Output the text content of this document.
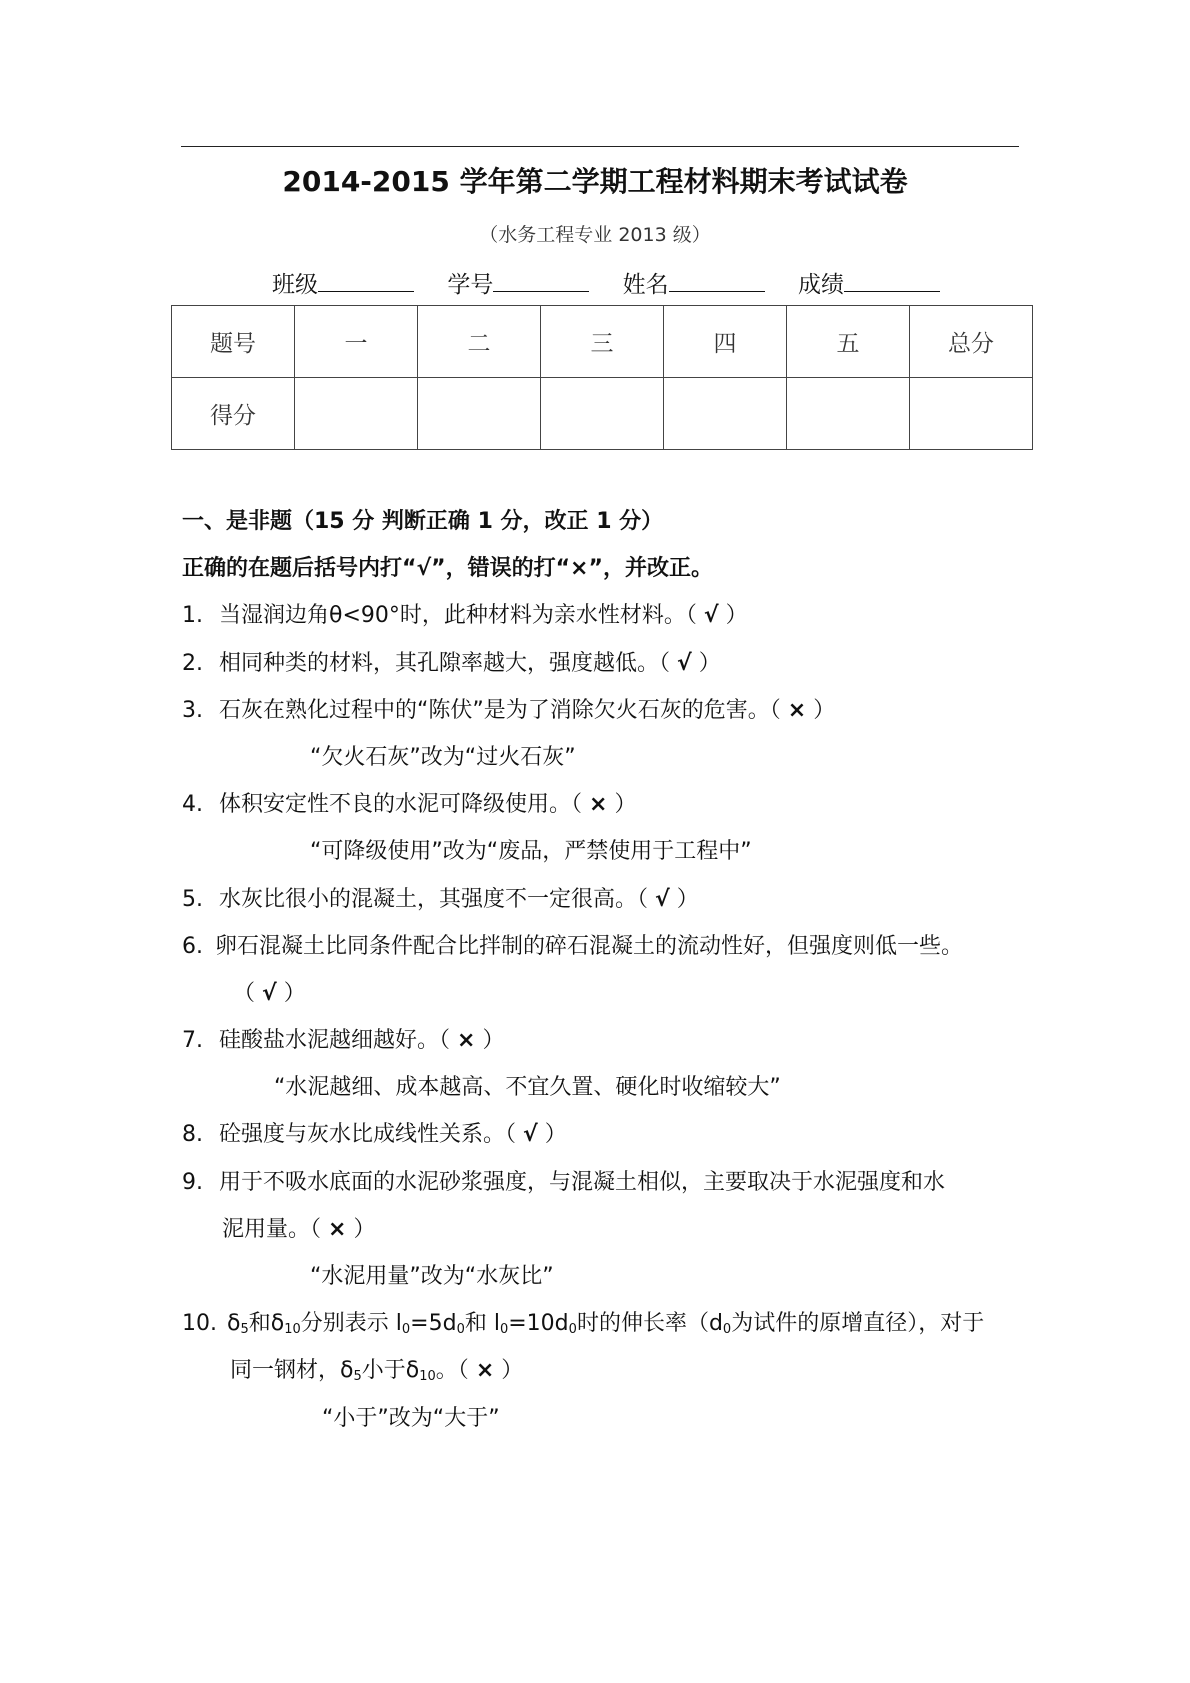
2014-2015 学年第二学期工程材料期末考试试卷
（水务工程专业 2013 级）
班级	学号	姓名	成绩
题号	一	二	三	四	五	总分
得分						
一、是非题（15 分 判断正确 1 分，改正 1 分）
正确的在题后括号内打“√”，错误的打“×”，并改正。
1. 当湿润边角θ<90°时，此种材料为亲水性材料。（ √ ）
2. 相同种类的材料，其孔隙率越大，强度越低。（ √ ）
3. 石灰在熟化过程中的“陈伏”是为了消除欠火石灰的危害。（ × ）
“欠火石灰”改为“过火石灰”
4. 体积安定性不良的水泥可降级使用。（ × ）
“可降级使用”改为“废品，严禁使用于工程中”
5. 水灰比很小的混凝土，其强度不一定很高。（ √ ）
6. 卵石混凝土比同条件配合比拌制的碎石混凝土的流动性好，但强度则低一些。
（ √ ）
7. 硅酸盐水泥越细越好。（ × ）
“水泥越细、成本越高、不宜久置、硬化时收缩较大”
8. 砼强度与灰水比成线性关系。（ √ ）
9. 用于不吸水底面的水泥砂浆强度，与混凝土相似，主要取决于水泥强度和水
泥用量。（ × ）
“水泥用量”改为“水灰比”
10. $\delta_5$和$\delta_{10}$分别表示 $l_0=5d_0$和 $l_0=10d_0$时的伸长率（$d_0$为试件的原增直径），对于
同一钢材，$\delta_5$小于$\delta_{10}$。（ × ）
“小于”改为“大于”
